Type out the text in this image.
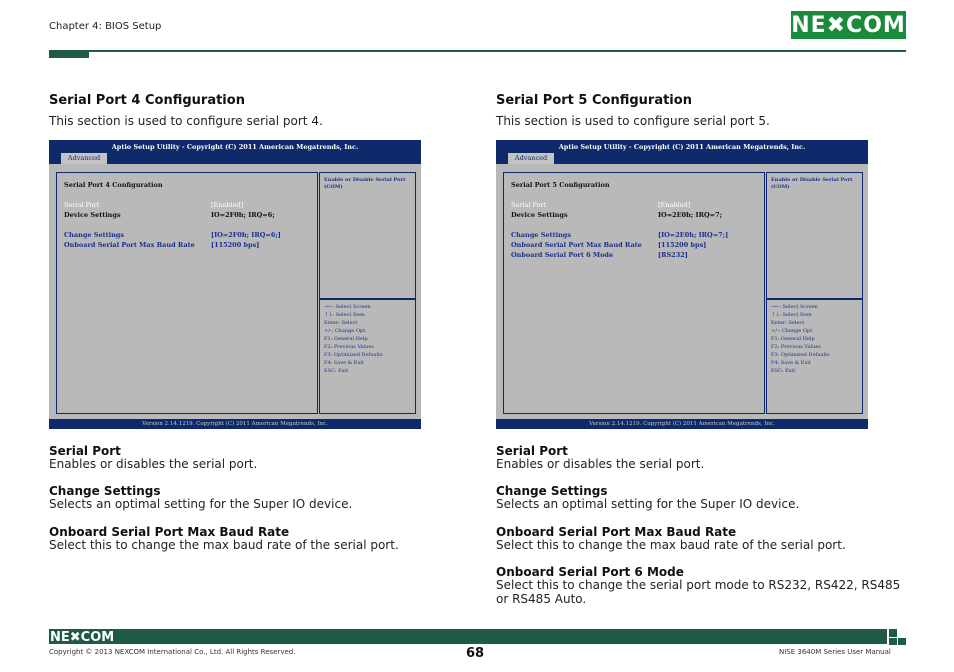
Chapter 4: BIOS Setup	NE✖COM
Serial Port 4 Configuration
This section is used to configure serial port 4.
Aptio Setup Utility - Copyright (C) 2011 American Megatrends, Inc.
Advanced
Serial Port 4 Configuration
Serial Port	[Enabled]
Device Settings	IO=2F0h; IRQ=6;
Change Settings	[IO=2F0h; IRQ=6;]
Onboard Serial Port Max Baud Rate [115200 bps]
Enable or Disable Serial Port (COM)
→←: Select Screen
↑↓: Select Item
Enter: Select
+/-: Change Opt.
F1: General Help
F2: Previous Values
F3: Optimized Defaults
F4: Save & Exit
ESC: Exit
Version 2.14.1219. Copyright (C) 2011 American Megatrends, Inc.
Serial Port
Enables or disables the serial port.
Change Settings
Selects an optimal setting for the Super IO device.
Onboard Serial Port Max Baud Rate
Select this to change the max baud rate of the serial port.
Serial Port 5 Configuration
This section is used to configure serial port 5.
Aptio Setup Utility - Copyright (C) 2011 American Megatrends, Inc.
Advanced
Serial Port 5 Configuration
Serial Port	[Enabled]
Device Settings	IO=2E0h; IRQ=7;
Change Settings	[IO=2E0h; IRQ=7;]
Onboard Serial Port Max Baud Rate [115200 bps]
Onboard Serial Port 6 Mode	[RS232]
Enable or Disable Serial Port (COM)
→←: Select Screen
↑↓: Select Item
Enter: Select
+/-: Change Opt.
F1: General Help
F2: Previous Values
F3: Optimized Defaults
F4: Save & Exit
ESC: Exit
Version 2.14.1219. Copyright (C) 2011 American Megatrends, Inc.
Serial Port
Enables or disables the serial port.
Change Settings
Selects an optimal setting for the Super IO device.
Onboard Serial Port Max Baud Rate
Select this to change the max baud rate of the serial port.
Onboard Serial Port 6 Mode
Select this to change the serial port mode to RS232, RS422, RS485 or RS485 Auto.
NE✖COM
Copyright © 2013 NEXCOM International Co., Ltd. All Rights Reserved.	68	NISE 3640M Series User Manual
